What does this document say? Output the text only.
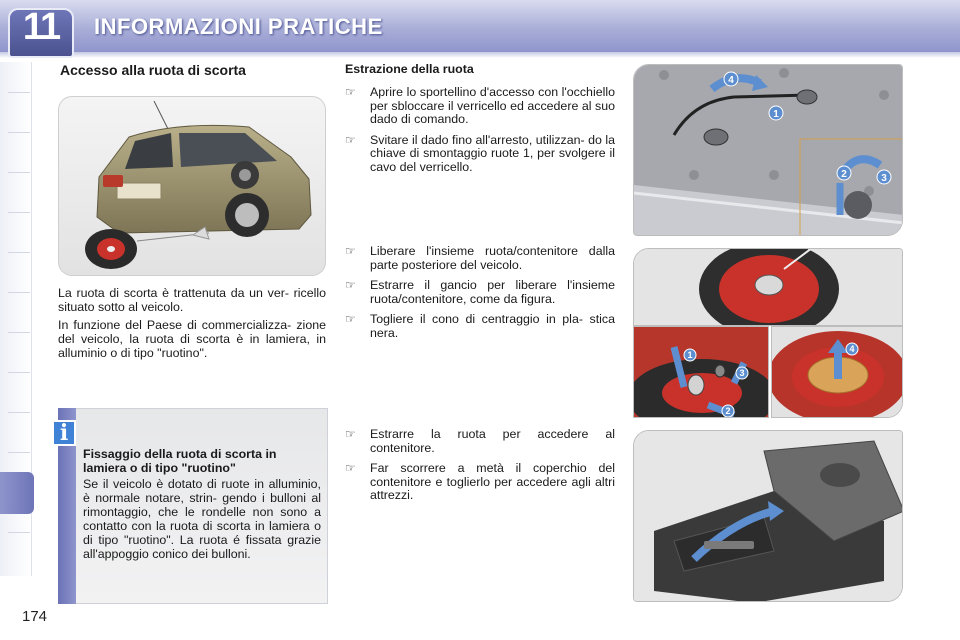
11	INFORMAZIONI PRATICHE
174
Accesso alla ruota di scorta

La ruota di scorta è trattenuta da un ver- ricello situato sotto al veicolo.

In funzione del Paese di commercializza- zione del veicolo, la ruota di scorta è in lamiera, in alluminio o di tipo "ruotino".

i
Fissaggio della ruota di scorta in lamiera o di tipo "ruotino"
Se il veicolo è dotato di ruote in alluminio, è normale notare, strin- gendo i bulloni al rimontaggio, che le rondelle non sono a contatto con la ruota di scorta in lamiera o di tipo "ruotino". La ruota é fissata grazie all'appoggio conico dei bulloni.
Estrazione della ruota
☞ Aprire lo sportellino d'accesso con l'occhiello per sbloccare il verricello ed accedere al suo dado di comando.
☞ Svitare il dado fino all'arresto, utilizzan- do la chiave di smontaggio ruote 1, per svolgere il cavo del verricello.
☞ Liberare l'insieme ruota/contenitore dalla parte posteriore del veicolo.
☞ Estrarre il gancio per liberare l'insieme ruota/contenitore, come da figura.
☞ Togliere il cono di centraggio in pla- stica nera.
☞ Estrarre la ruota per accedere al contenitore.
☞ Far scorrere a metà il coperchio del contenitore e toglierlo per accedere agli altri attrezzi.
1
4
2	3
1
2
3
4
